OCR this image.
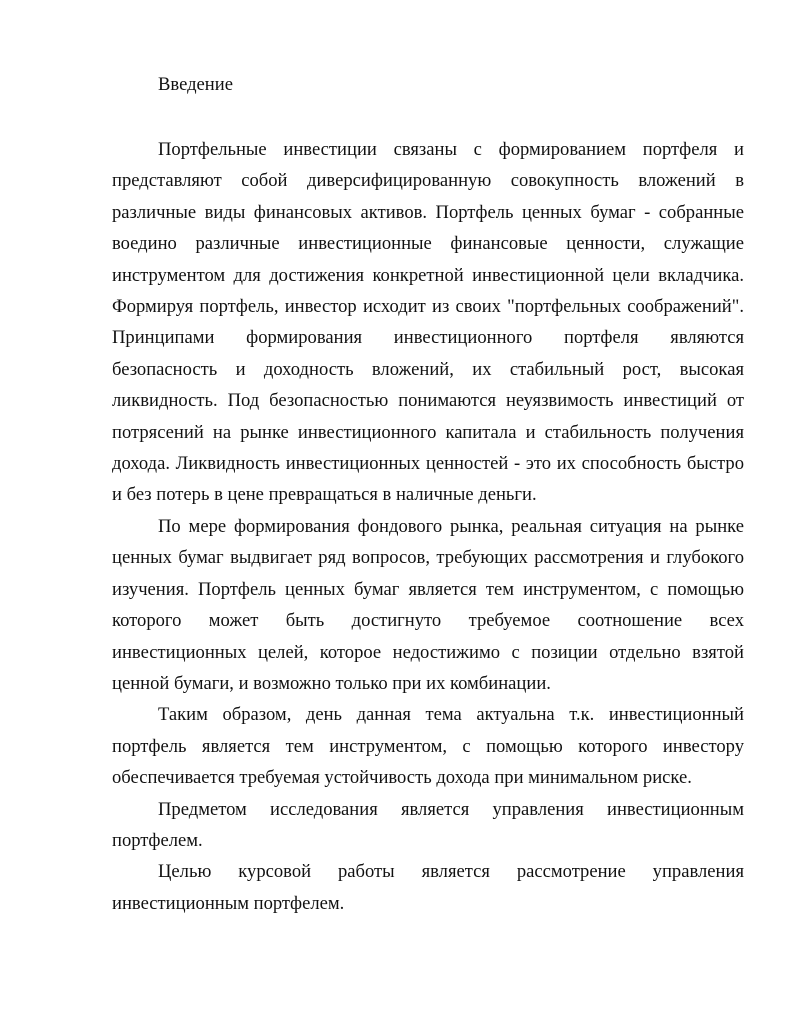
Введение

Портфельные инвестиции связаны с формированием портфеля и представляют собой диверсифицированную совокупность вложений в различные виды финансовых активов. Портфель ценных бумаг - собранные воедино различные инвестиционные финансовые ценности, служащие инструментом для достижения конкретной инвестиционной цели вкладчика. Формируя портфель, инвестор исходит из своих "портфельных соображений". Принципами формирования инвестиционного портфеля являются безопасность и доходность вложений, их стабильный рост, высокая ликвидность. Под безопасностью понимаются неуязвимость инвестиций от потрясений на рынке инвестиционного капитала и стабильность получения дохода. Ликвидность инвестиционных ценностей - это их способность быстро и без потерь в цене превращаться в наличные деньги.

По мере формирования фондового рынка, реальная ситуация на рынке ценных бумаг выдвигает ряд вопросов, требующих рассмотрения и глубокого изучения. Портфель ценных бумаг является тем инструментом, с помощью которого может быть достигнуто требуемое соотношение всех инвестиционных целей, которое недостижимо с позиции отдельно взятой ценной бумаги, и возможно только при их комбинации.

Таким образом, день данная тема актуальна т.к. инвестиционный портфель является тем инструментом, с помощью которого инвестору обеспечивается требуемая устойчивость дохода при минимальном риске.

Предметом исследования является управления инвестиционным портфелем.

Целью курсовой работы является рассмотрение управления инвестиционным портфелем.
